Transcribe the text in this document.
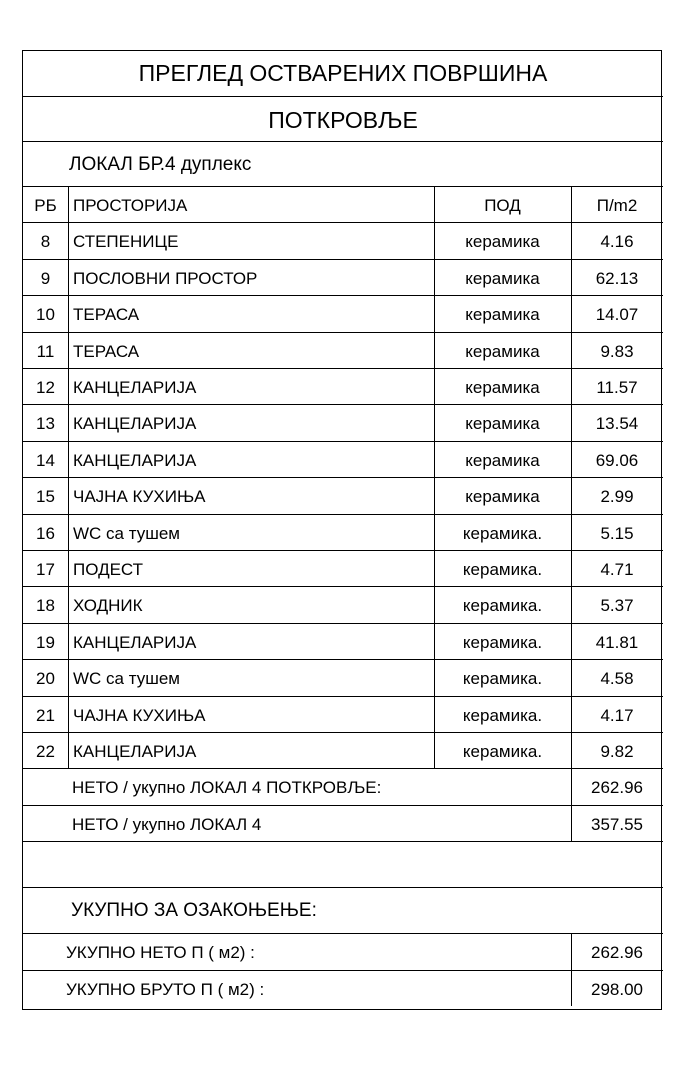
ПРЕГЛЕД ОСТВАРЕНИХ ПОВРШИНА
ПОТКРОВЉЕ
ЛОКАЛ БР.4 дуплекс
РБ ПРОСТОРИЈА	ПОД	П/m2
8	СТЕПЕНИЦЕ	керамика	4.16
9	ПОСЛОВНИ ПРОСТОР	керамика	62.13
10	ТЕРАСА	керамика	14.07
11	ТЕРАСА	керамика	9.83
12	КАНЦЕЛАРИЈА	керамика	11.57
13	КАНЦЕЛАРИЈА	керамика	13.54
14	КАНЦЕЛАРИЈА	керамика	69.06
15	ЧАЈНА КУХИЊА	керамика	2.99
16	WC са тушем	керамика.	5.15
17	ПОДЕСТ	керамика.	4.71
18	ХОДНИК	керамика.	5.37
19	КАНЦЕЛАРИЈА	керамика.	41.81
20	WC са тушем	керамика.	4.58
21	ЧАЈНА КУХИЊА	керамика.	4.17
22	КАНЦЕЛАРИЈА	керамика.	9.82
НЕТО / укупно ЛОКАЛ 4 ПОТКРОВЉЕ:	262.96
НЕТО / укупно ЛОКАЛ 4	357.55
УКУПНО ЗА ОЗАКОЊЕЊЕ:
УКУПНО НЕТО П ( м2) :	262.96
УКУПНО БРУТО П ( м2) :	298.00
